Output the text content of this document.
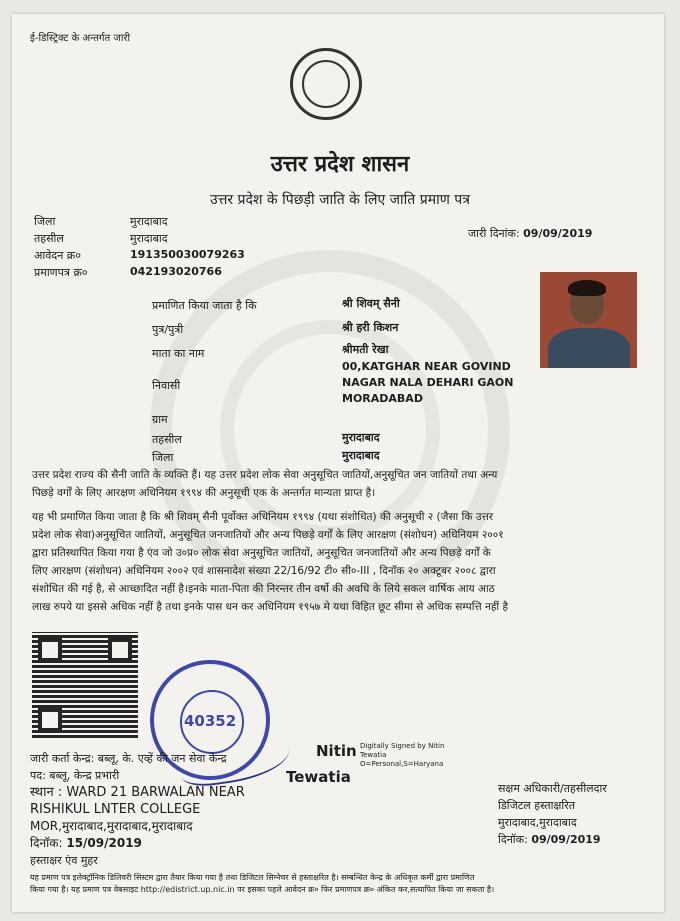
ई-डिस्ट्रिक्ट के अन्तर्गत जारी
उत्तर प्रदेश शासन
उत्तर प्रदेश के पिछड़ी जाति के लिए जाति प्रमाण पत्र
जिला	मुरादाबाद
तहसील	मुरादाबाद
आवेदन क्र०	191350030079263
प्रमाणपत्र क्र०	042193020766
जारी दिनांक: 09/09/2019
प्रमाणित किया जाता है कि	श्री शिवम् सैनी
पुत्र/पुत्री	श्री हरी किशन
माता का नाम	श्रीमती रेखा
निवासी
00,KATGHAR NEAR GOVIND
NAGAR NALA DEHARI GAON
MORADABAD
ग्राम
तहसील	मुरादाबाद
जिला	मुरादाबाद
उत्तर प्रदेश राज्य की सैनी जाति के व्यक्ति हैं। यह उत्तर प्रदेश लोक सेवा अनुसूचित जातियों,अनुसूचित जन जातियों तथा अन्य
पिछड़े वर्गों के लिए आरक्षण अधिनियम १९९४ की अनुसूची एक के अन्तर्गत मान्यता प्राप्त है।
यह भी प्रमाणित किया जाता है कि श्री शिवम् सैनी पूर्वोक्त अधिनियम १९९४ (यथा संशोधित) की अनुसूची २ (जैसा कि उत्तर
प्रदेश लोक सेवा)अनुसूचित जातियों, अनुसूचित जनजातियों और अन्य पिछड़े वर्गों के लिए आरक्षण (संशोधन) अधिनियम २००१
द्वारा प्रतिस्थापित किया गया है एंव जो उ०प्र० लोक सेवा अनुसूचित जातियों, अनुसूचित जनजातियों और अन्य पिछड़े वर्गों के
लिए आरक्षण (संशोधन) अधिनियम २००२ एवं शासनादेश संख्या 22/16/92 टी० सी०-III , दिनॉक २० अक्टूबर २००८ द्वारा
संशोधित की गई है, से आच्छादित नहीं है।इनके माता-पिता की निरन्तर तीन वर्षो की अवधि के लिये सकल वार्षिक आय आठ
लाख रुपये या इससे अधिक नहीं है तथा इनके पास धन कर अधिनियम १९५७ मे यथा विहित छूट सीमा से अधिक सम्पत्ति नहीं है
40352
Nitin
Tewatia
Digitally Signed by Nitin
Tewatia
O=Personal,S=Haryana
जारी कर्ता केन्द्र: बब्लू, के. एव्हें की जन सेवा केन्द्र
पद: बब्लू, केन्द्र प्रभारी
स्थान : WARD 21 BARWALAN NEAR
RISHIKUL LNTER COLLEGE
MOR,मुरादाबाद,मुरादाबाद,मुरादाबाद
दिनॉक: 15/09/2019
हस्ताक्षर एंव मुहर
सक्षम अधिकारी/तहसीलदार
डिजिटल हस्ताक्षरित
मुरादाबाद,मुरादाबाद
दिनॉक: 09/09/2019
यह प्रमाण पत्र इलेक्ट्रॉनिक डिलिवरी सिस्टम द्वारा तैयार किया गया है तथा डिजिटल सिग्नेचर से हस्ताक्षरित है। सम्बन्धित केन्द्र के अधिकृत कर्मी द्वारा प्रमाणित
किया गया है। यह प्रमाण पत्र वेबसाइट http://edistrict.up.nic.in पर इसका पहले आवेदन क्र० फिर प्रमाणपत्र क्र० अंकित कर,सत्यापित किया जा सकता है।
